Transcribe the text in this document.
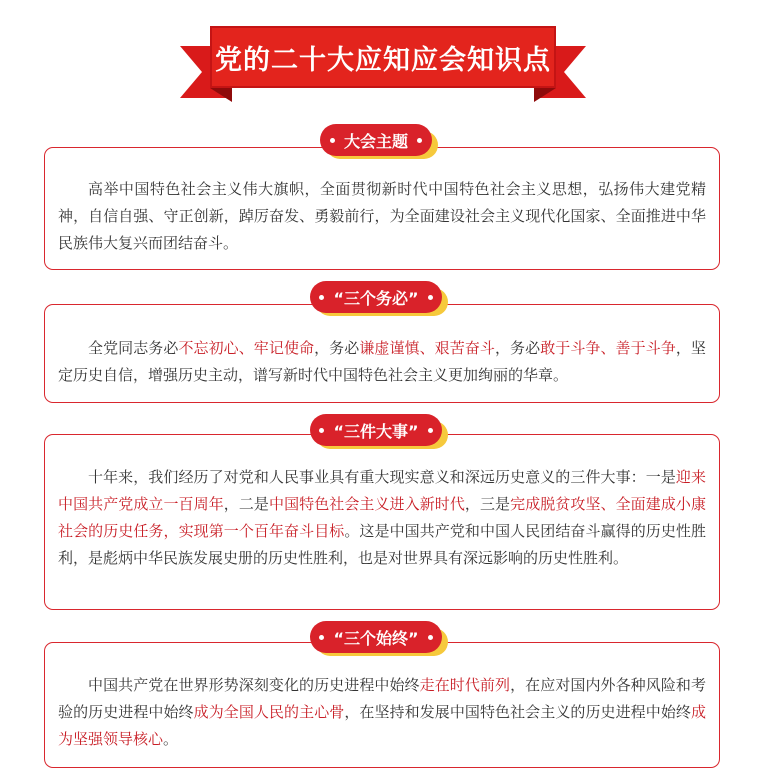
党的二十大应知应会知识点

高举中国特色社会主义伟大旗帜，全面贯彻新时代中国特色社会主义思想，弘扬伟大建党精神，自信自强、守正创新，踔厉奋发、勇毅前行，为全面建设社会主义现代化国家、全面推进中华民族伟大复兴而团结奋斗。

大会主题

全党同志务必不忘初心、牢记使命，务必谦虚谨慎、艰苦奋斗，务必敢于斗争、善于斗争，坚定历史自信，增强历史主动，谱写新时代中国特色社会主义更加绚丽的华章。

“三个务必”

十年来，我们经历了对党和人民事业具有重大现实意义和深远历史意义的三件大事：一是迎来中国共产党成立一百周年，二是中国特色社会主义进入新时代，三是完成脱贫攻坚、全面建成小康社会的历史任务，实现第一个百年奋斗目标。这是中国共产党和中国人民团结奋斗赢得的历史性胜利，是彪炳中华民族发展史册的历史性胜利，也是对世界具有深远影响的历史性胜利。

“三件大事”

中国共产党在世界形势深刻变化的历史进程中始终走在时代前列，在应对国内外各种风险和考验的历史进程中始终成为全国人民的主心骨，在坚持和发展中国特色社会主义的历史进程中始终成为坚强领导核心。

“三个始终”
